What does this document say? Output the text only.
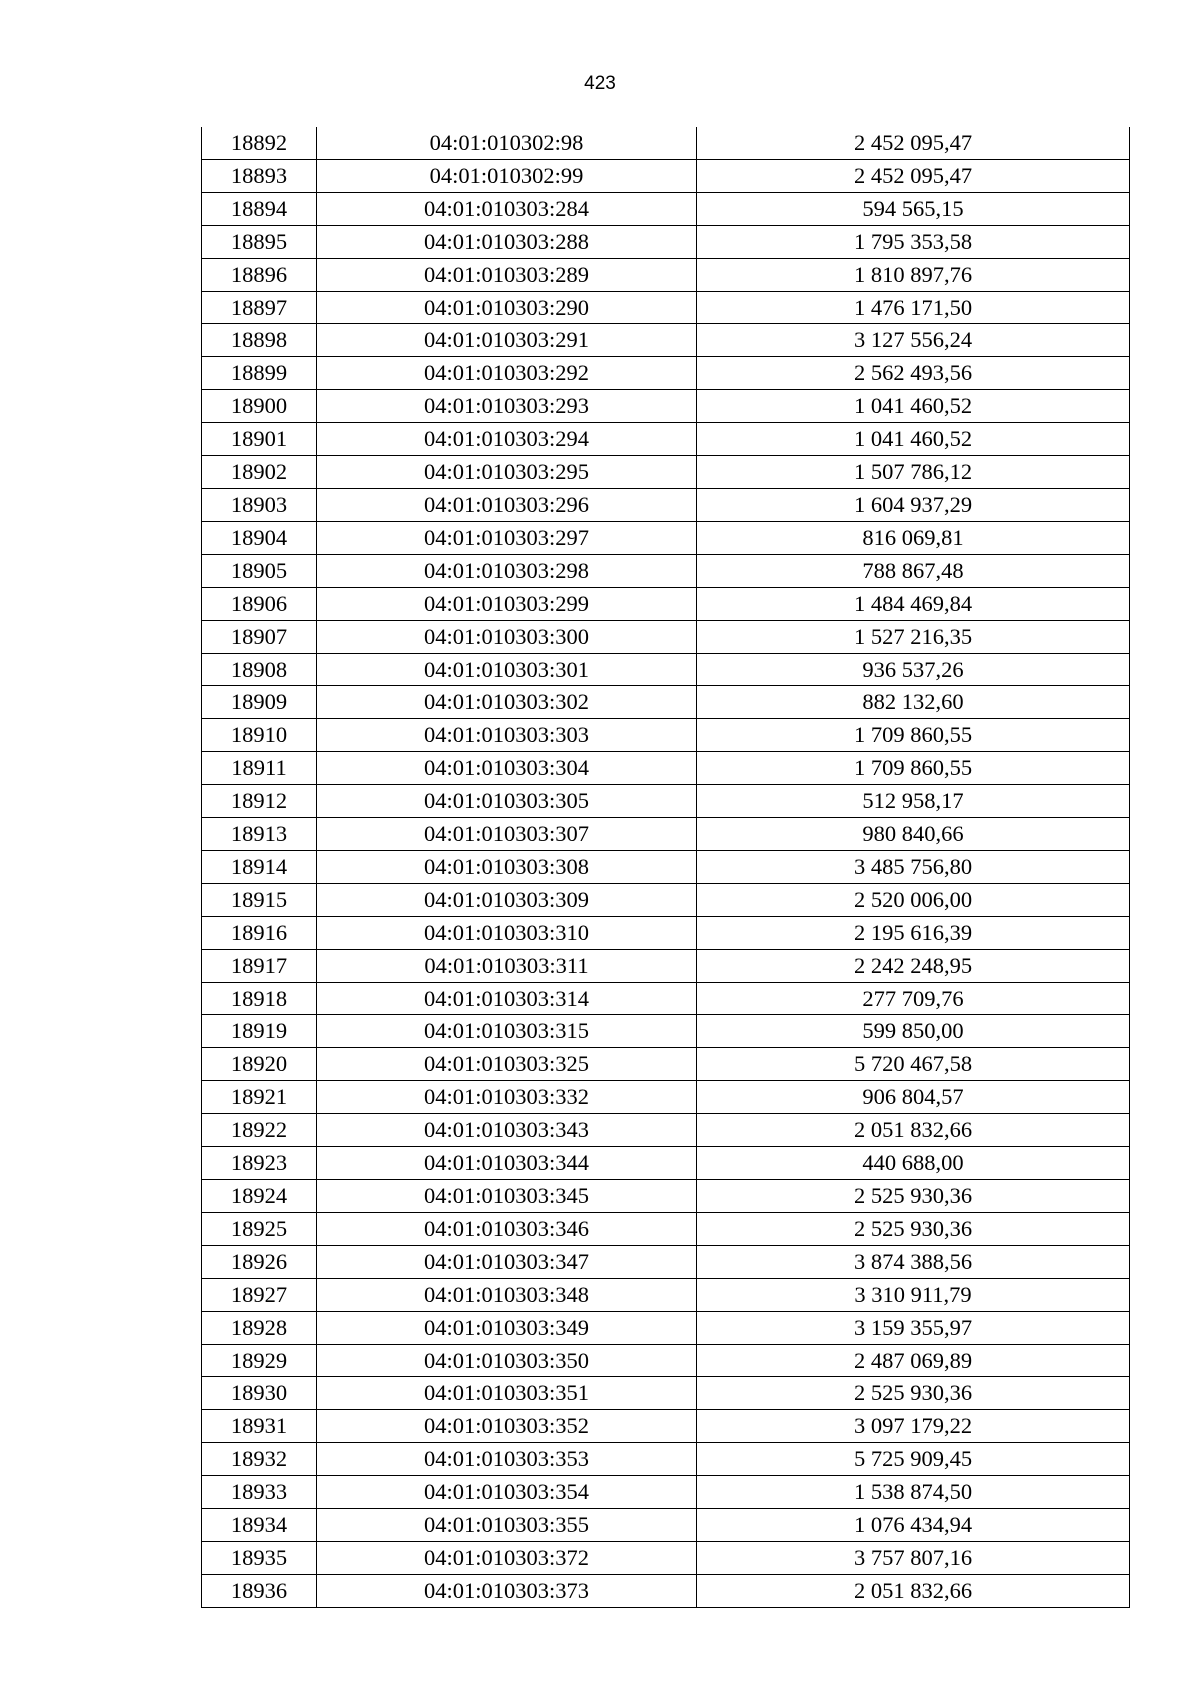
423
18892	04:01:010302:98	2 452 095,47
18893	04:01:010302:99	2 452 095,47
18894	04:01:010303:284	594 565,15
18895	04:01:010303:288	1 795 353,58
18896	04:01:010303:289	1 810 897,76
18897	04:01:010303:290	1 476 171,50
18898	04:01:010303:291	3 127 556,24
18899	04:01:010303:292	2 562 493,56
18900	04:01:010303:293	1 041 460,52
18901	04:01:010303:294	1 041 460,52
18902	04:01:010303:295	1 507 786,12
18903	04:01:010303:296	1 604 937,29
18904	04:01:010303:297	816 069,81
18905	04:01:010303:298	788 867,48
18906	04:01:010303:299	1 484 469,84
18907	04:01:010303:300	1 527 216,35
18908	04:01:010303:301	936 537,26
18909	04:01:010303:302	882 132,60
18910	04:01:010303:303	1 709 860,55
18911	04:01:010303:304	1 709 860,55
18912	04:01:010303:305	512 958,17
18913	04:01:010303:307	980 840,66
18914	04:01:010303:308	3 485 756,80
18915	04:01:010303:309	2 520 006,00
18916	04:01:010303:310	2 195 616,39
18917	04:01:010303:311	2 242 248,95
18918	04:01:010303:314	277 709,76
18919	04:01:010303:315	599 850,00
18920	04:01:010303:325	5 720 467,58
18921	04:01:010303:332	906 804,57
18922	04:01:010303:343	2 051 832,66
18923	04:01:010303:344	440 688,00
18924	04:01:010303:345	2 525 930,36
18925	04:01:010303:346	2 525 930,36
18926	04:01:010303:347	3 874 388,56
18927	04:01:010303:348	3 310 911,79
18928	04:01:010303:349	3 159 355,97
18929	04:01:010303:350	2 487 069,89
18930	04:01:010303:351	2 525 930,36
18931	04:01:010303:352	3 097 179,22
18932	04:01:010303:353	5 725 909,45
18933	04:01:010303:354	1 538 874,50
18934	04:01:010303:355	1 076 434,94
18935	04:01:010303:372	3 757 807,16
18936	04:01:010303:373	2 051 832,66
